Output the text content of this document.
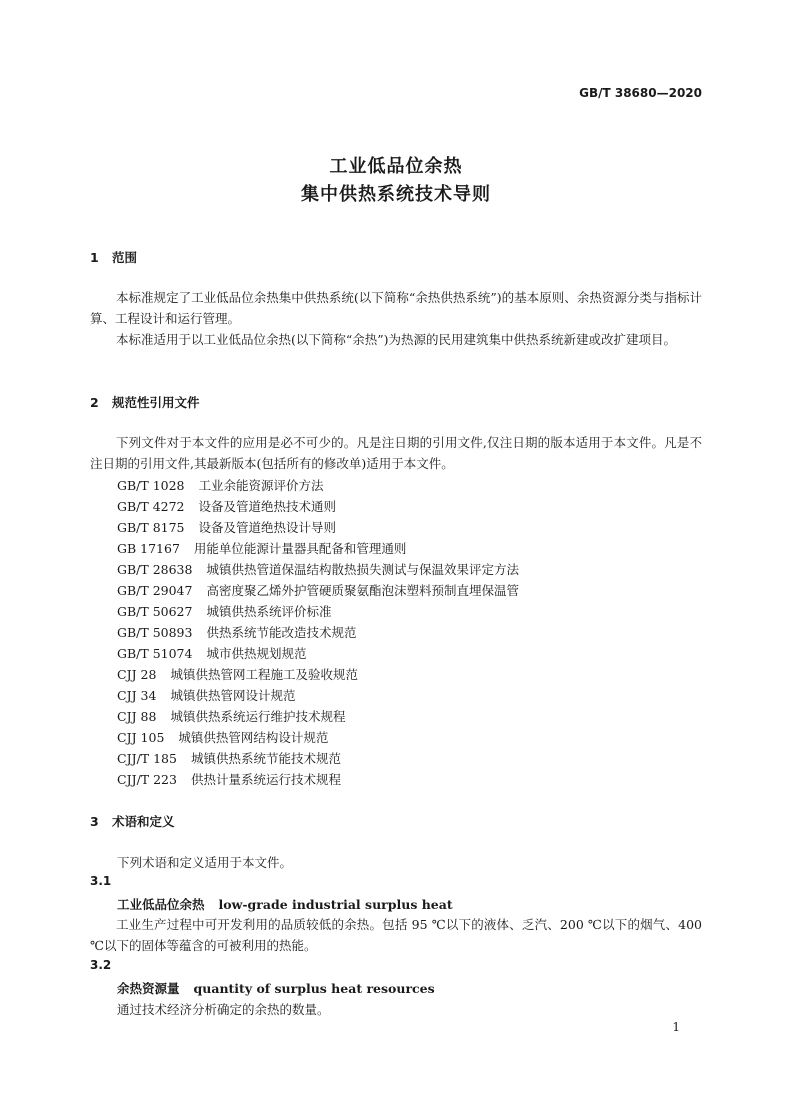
GB/T 38680—2020
工业低品位余热
集中供热系统技术导则
1 范围
本标准规定了工业低品位余热集中供热系统(以下简称“余热供热系统”)的基本原则、余热资源分类与指标计算、工程设计和运行管理。
本标准适用于以工业低品位余热(以下简称“余热”)为热源的民用建筑集中供热系统新建或改扩建项目。
2 规范性引用文件
下列文件对于本文件的应用是必不可少的。凡是注日期的引用文件,仅注日期的版本适用于本文件。凡是不注日期的引用文件,其最新版本(包括所有的修改单)适用于本文件。
GB/T 1028 工业余能资源评价方法
GB/T 4272 设备及管道绝热技术通则
GB/T 8175 设备及管道绝热设计导则
GB 17167 用能单位能源计量器具配备和管理通则
GB/T 28638 城镇供热管道保温结构散热损失测试与保温效果评定方法
GB/T 29047 高密度聚乙烯外护管硬质聚氨酯泡沫塑料预制直埋保温管
GB/T 50627 城镇供热系统评价标准
GB/T 50893 供热系统节能改造技术规范
GB/T 51074 城市供热规划规范
CJJ 28 城镇供热管网工程施工及验收规范
CJJ 34 城镇供热管网设计规范
CJJ 88 城镇供热系统运行维护技术规程
CJJ 105 城镇供热管网结构设计规范
CJJ/T 185 城镇供热系统节能技术规范
CJJ/T 223 供热计量系统运行技术规程
3 术语和定义
下列术语和定义适用于本文件。
3.1
工业低品位余热 low-grade industrial surplus heat
工业生产过程中可开发利用的品质较低的余热。包括 95 ℃以下的液体、乏汽、200 ℃以下的烟气、400 ℃以下的固体等蕴含的可被利用的热能。
3.2
余热资源量 quantity of surplus heat resources
通过技术经济分析确定的余热的数量。
1
